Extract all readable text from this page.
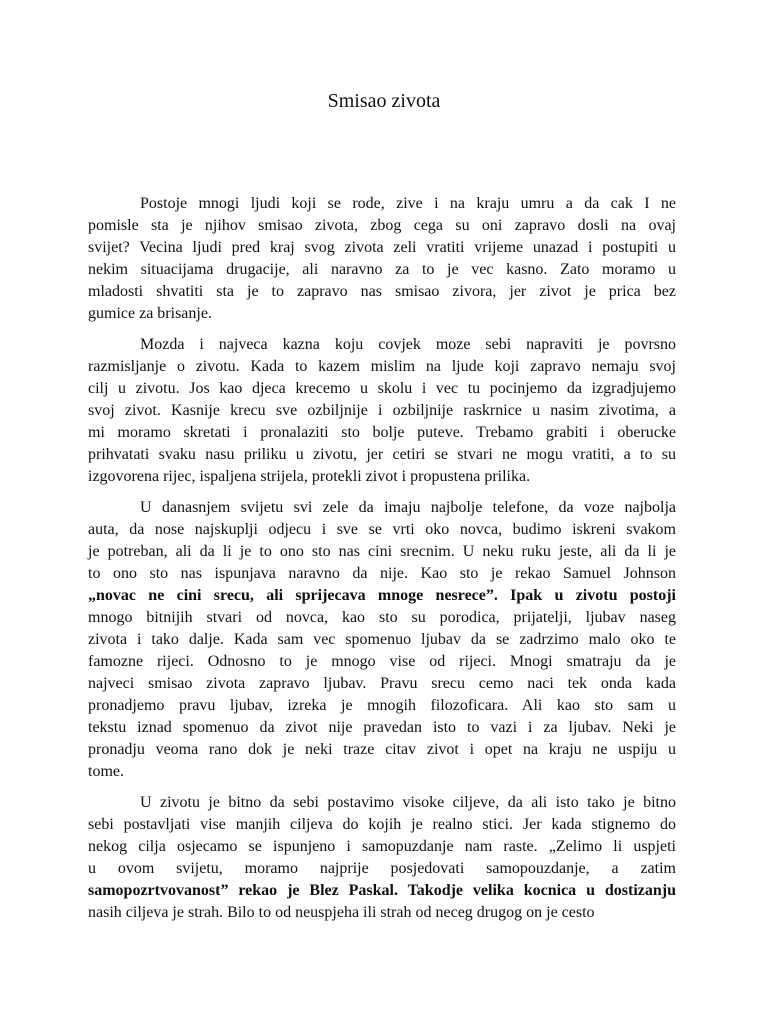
Smisao zivota
Postoje mnogi ljudi koji se rode, zive i na kraju umru a da cak I ne
pomisle sta je njihov smisao zivota, zbog cega su oni zapravo dosli na ovaj
svijet? Vecina ljudi pred kraj svog zivota zeli vratiti vrijeme unazad i postupiti u
nekim situacijama drugacije, ali naravno za to je vec kasno. Zato moramo u
mladosti shvatiti sta je to zapravo nas smisao zivora, jer zivot je prica bez
gumice za brisanje.
Mozda i najveca kazna koju covjek moze sebi napraviti je povrsno
razmisljanje o zivotu. Kada to kazem mislim na ljude koji zapravo nemaju svoj
cilj u zivotu. Jos kao djeca krecemo u skolu i vec tu pocinjemo da izgradjujemo
svoj zivot. Kasnije krecu sve ozbiljnije i ozbiljnije raskrnice u nasim zivotima, a
mi moramo skretati i pronalaziti sto bolje puteve. Trebamo grabiti i oberucke
prihvatati svaku nasu priliku u zivotu, jer cetiri se stvari ne mogu vratiti, a to su
izgovorena rijec, ispaljena strijela, protekli zivot i propustena prilika.
U danasnjem svijetu svi zele da imaju najbolje telefone, da voze najbolja
auta, da nose najskuplji odjecu i sve se vrti oko novca, budimo iskreni svakom
je potreban, ali da li je to ono sto nas cini srecnim. U neku ruku jeste, ali da li je
to ono sto nas ispunjava naravno da nije. Kao sto je rekao Samuel Johnson
„novac ne cini srecu, ali sprijecava mnoge nesrece”. Ipak u zivotu postoji
mnogo bitnijih stvari od novca, kao sto su porodica, prijatelji, ljubav naseg
zivota i tako dalje. Kada sam vec spomenuo ljubav da se zadrzimo malo oko te
famozne rijeci. Odnosno to je mnogo vise od rijeci. Mnogi smatraju da je
najveci smisao zivota zapravo ljubav. Pravu srecu cemo naci tek onda kada
pronadjemo pravu ljubav, izreka je mnogih filozoficara. Ali kao sto sam u
tekstu iznad spomenuo da zivot nije pravedan isto to vazi i za ljubav. Neki je
pronadju veoma rano dok je neki traze citav zivot i opet na kraju ne uspiju u
tome.
U zivotu je bitno da sebi postavimo visoke ciljeve, da ali isto tako je bitno
sebi postavljati vise manjih ciljeva do kojih je realno stici. Jer kada stignemo do
nekog cilja osjecamo se ispunjeno i samopuzdanje nam raste. „Zelimo li uspjeti
u ovom svijetu, moramo najprije posjedovati samopouzdanje, a zatim
samopozrtvovanost” rekao je Blez Paskal. Takodje velika kocnica u dostizanju
nasih ciljeva je strah. Bilo to od neuspjeha ili strah od neceg drugog on je cesto
